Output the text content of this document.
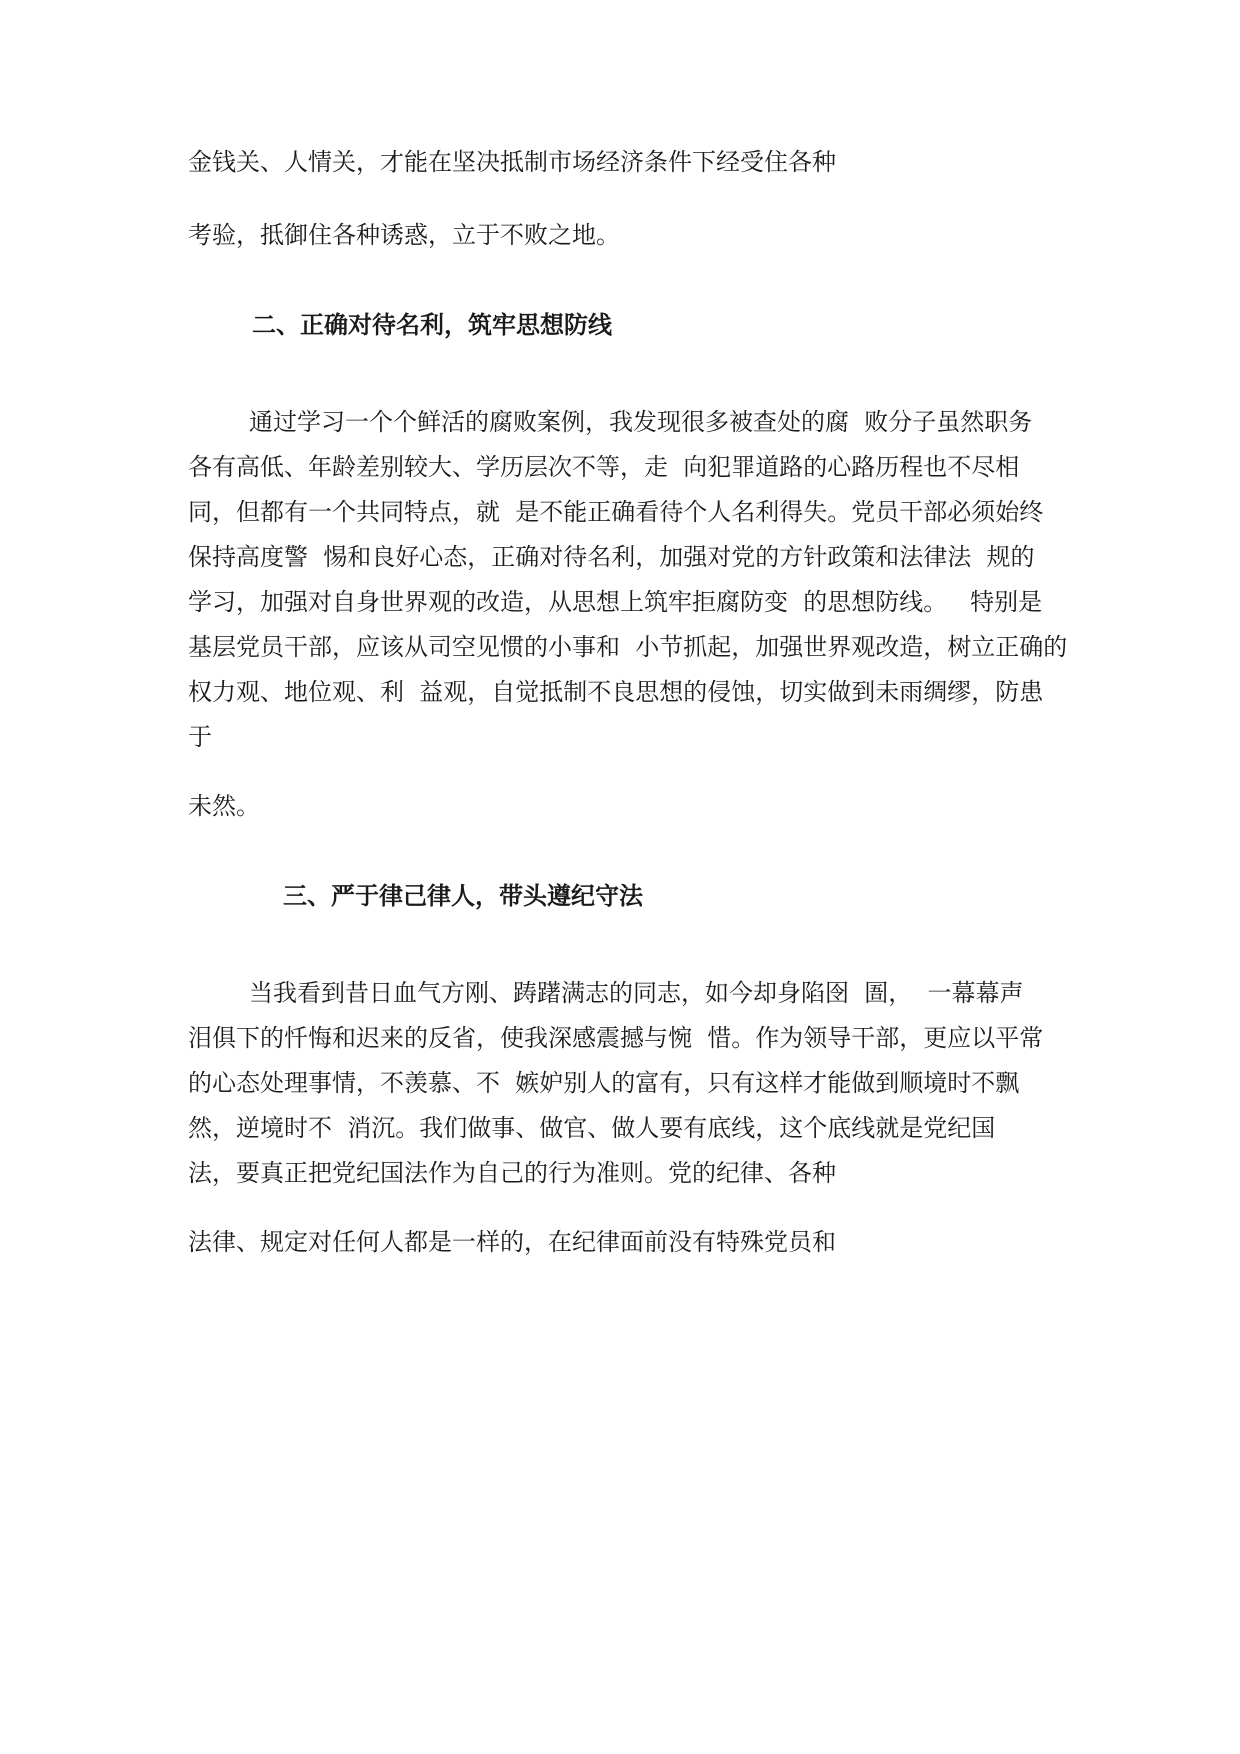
金钱关、人情关，才能在坚决抵制市场经济条件下经受住各种
考验，抵御住各种诱惑，立于不败之地。
二、正确对待名利，筑牢思想防线
通过学习一个个鲜活的腐败案例，我发现很多被查处的腐  败分子虽然职务
各有高低、年龄差别较大、学历层次不等，走  向犯罪道路的心路历程也不尽相
同，但都有一个共同特点，就  是不能正确看待个人名利得失。党员干部必须始终
保持高度警  惕和良好心态，正确对待名利，加强对党的方针政策和法律法  规的
学习，加强对自身世界观的改造，从思想上筑牢拒腐防变  的思想防线。   特别是
基层党员干部，应该从司空见惯的小事和  小节抓起，加强世界观改造，树立正确的
权力观、地位观、利  益观，自觉抵制不良思想的侵蚀，切实做到未雨绸缪，防患
于
未然。
三、严于律己律人，带头遵纪守法
当我看到昔日血气方刚、踌躇满志的同志，如今却身陷囹  圄，  一幕幕声
泪俱下的忏悔和迟来的反省，使我深感震撼与惋  惜。作为领导干部，更应以平常
的心态处理事情，不羡慕、不  嫉妒别人的富有，只有这样才能做到顺境时不飘
然，逆境时不  消沉。我们做事、做官、做人要有底线，这个底线就是党纪国
法，要真正把党纪国法作为自己的行为准则。党的纪律、各种
法律、规定对任何人都是一样的，在纪律面前没有特殊党员和
